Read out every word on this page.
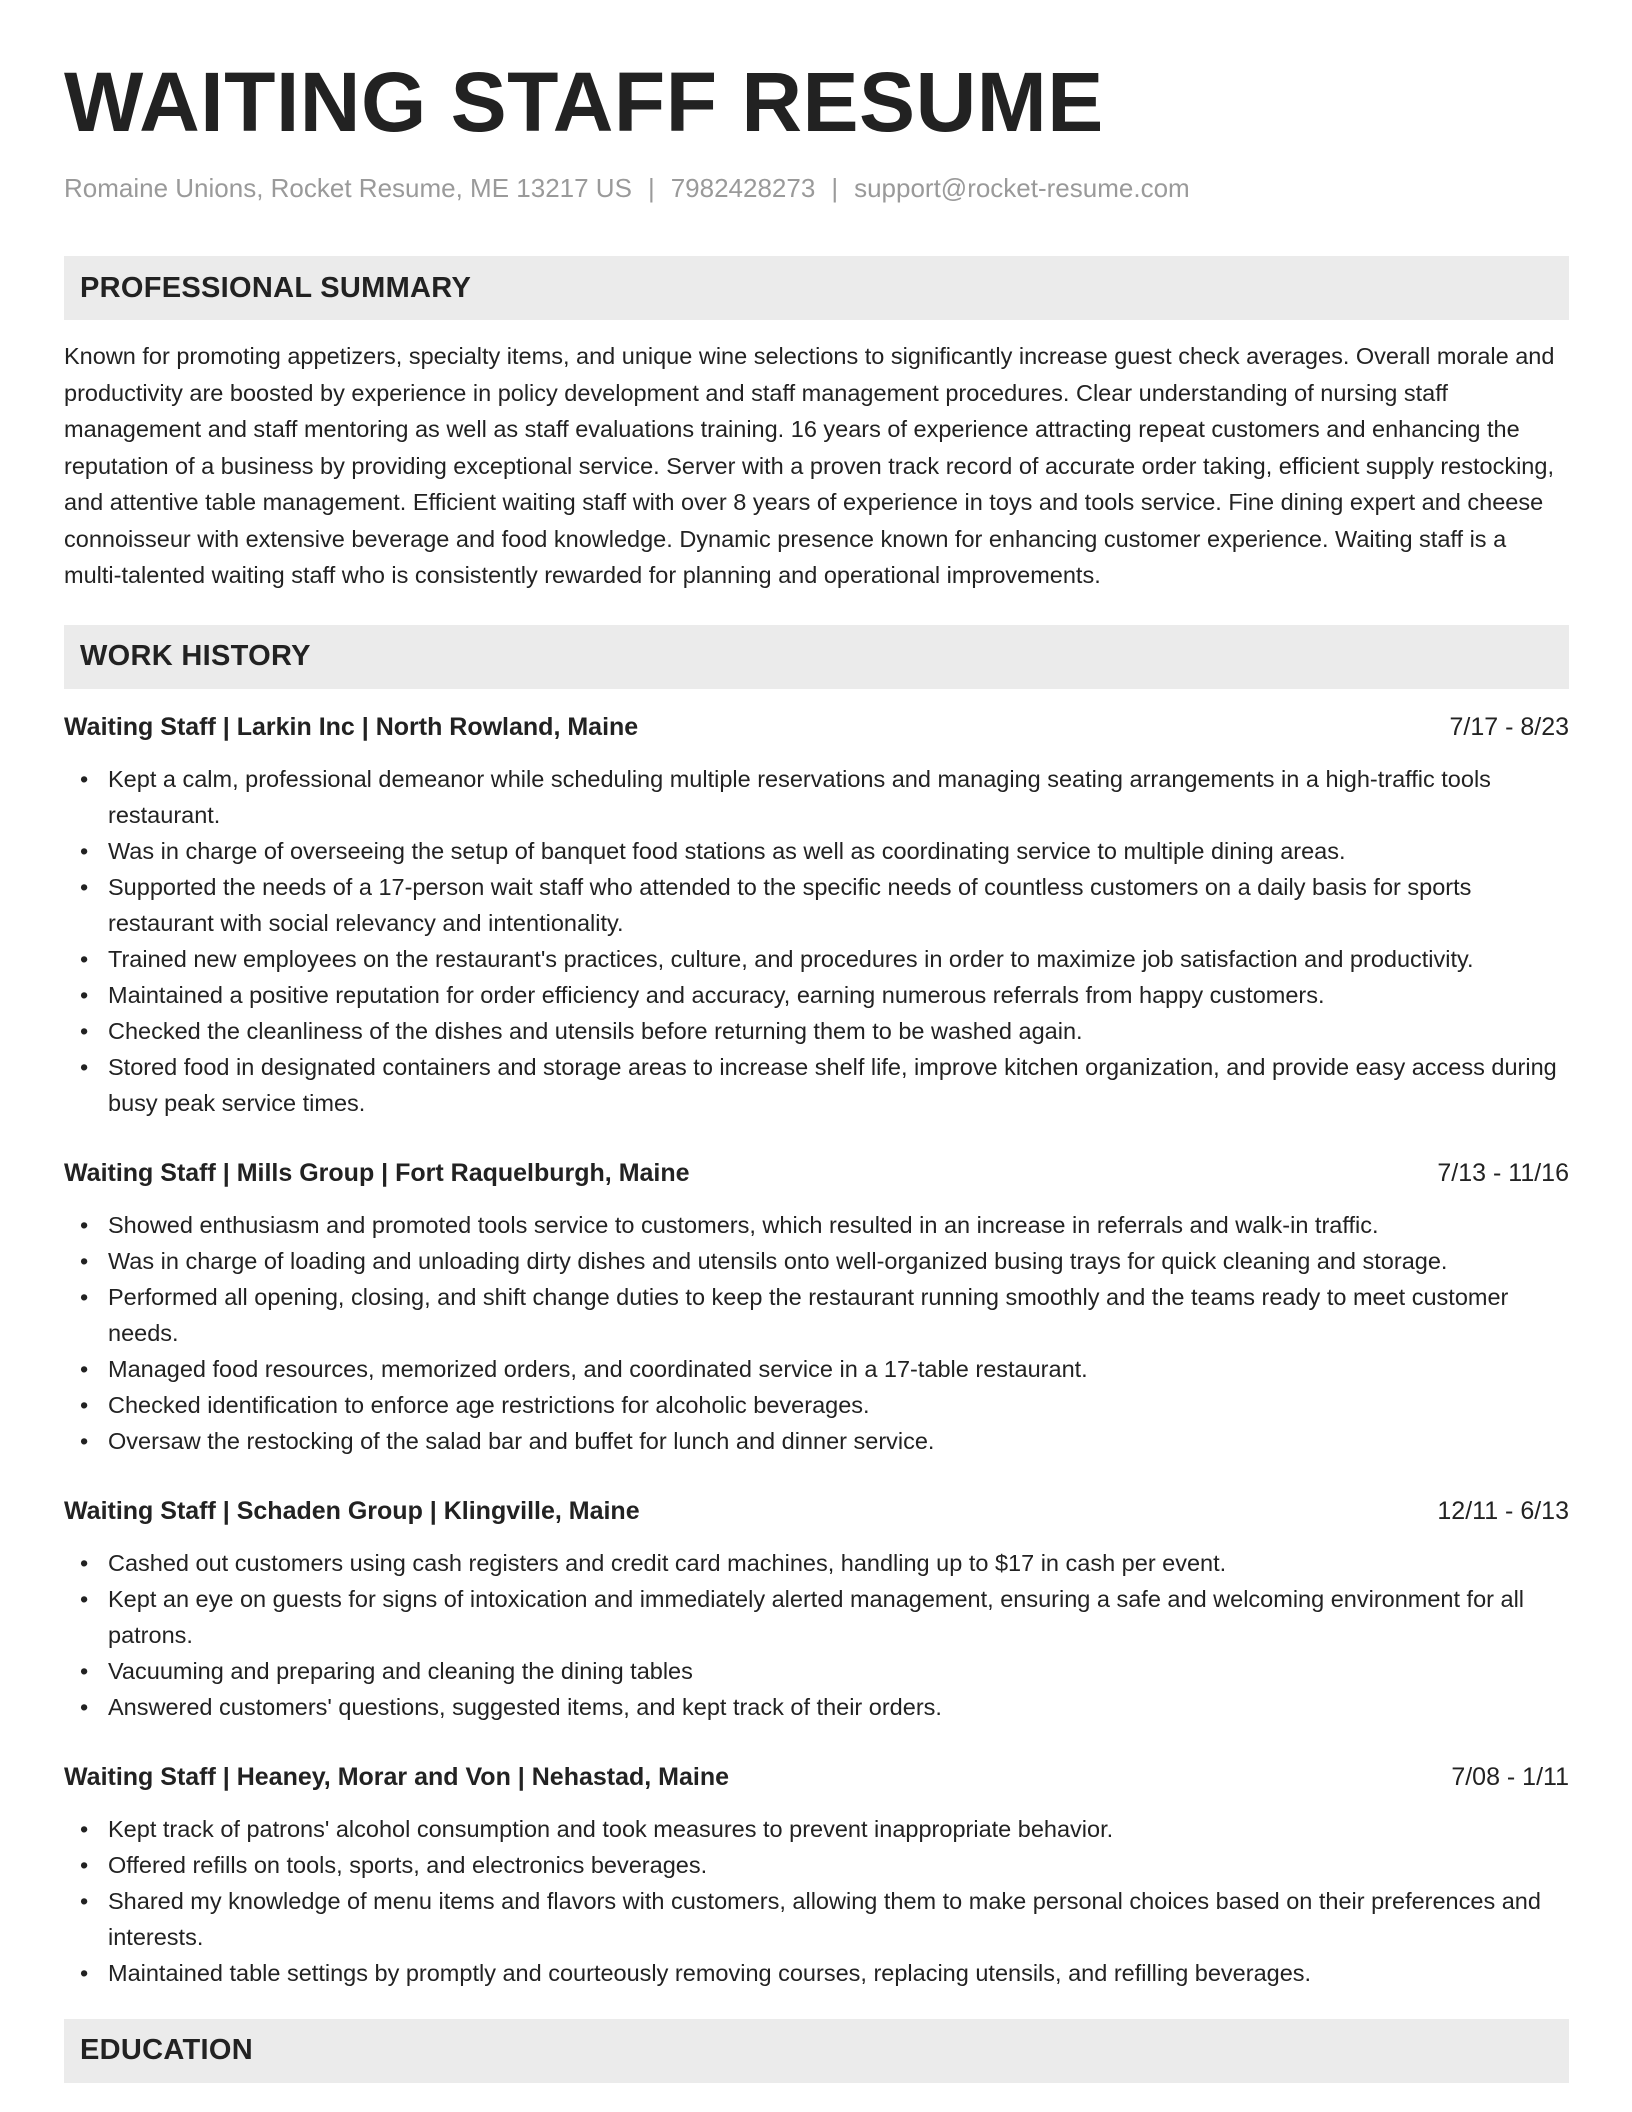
WAITING STAFF RESUME
Romaine Unions, Rocket Resume, ME 13217 US | 7982428273 | support@rocket-resume.com
PROFESSIONAL SUMMARY

Known for promoting appetizers, specialty items, and unique wine selections to significantly increase guest check averages. Overall morale and productivity are boosted by experience in policy development and staff management procedures. Clear understanding of nursing staff management and staff mentoring as well as staff evaluations training. 16 years of experience attracting repeat customers and enhancing the reputation of a business by providing exceptional service. Server with a proven track record of accurate order taking, efficient supply restocking, and attentive table management. Efficient waiting staff with over 8 years of experience in toys and tools service. Fine dining expert and cheese connoisseur with extensive beverage and food knowledge. Dynamic presence known for enhancing customer experience. Waiting staff is a multi-talented waiting staff who is consistently rewarded for planning and operational improvements.

WORK HISTORY
Waiting Staff | Larkin Inc | North Rowland, Maine	7/17 - 8/23
• Kept a calm, professional demeanor while scheduling multiple reservations and managing seating arrangements in a high-traffic tools restaurant.
• Was in charge of overseeing the setup of banquet food stations as well as coordinating service to multiple dining areas.
• Supported the needs of a 17-person wait staff who attended to the specific needs of countless customers on a daily basis for sports restaurant with social relevancy and intentionality.
• Trained new employees on the restaurant's practices, culture, and procedures in order to maximize job satisfaction and productivity.
• Maintained a positive reputation for order efficiency and accuracy, earning numerous referrals from happy customers.
• Checked the cleanliness of the dishes and utensils before returning them to be washed again.
• Stored food in designated containers and storage areas to increase shelf life, improve kitchen organization, and provide easy access during busy peak service times.
Waiting Staff | Mills Group | Fort Raquelburgh, Maine	7/13 - 11/16
• Showed enthusiasm and promoted tools service to customers, which resulted in an increase in referrals and walk-in traffic.
• Was in charge of loading and unloading dirty dishes and utensils onto well-organized busing trays for quick cleaning and storage.
• Performed all opening, closing, and shift change duties to keep the restaurant running smoothly and the teams ready to meet customer needs.
• Managed food resources, memorized orders, and coordinated service in a 17-table restaurant.
• Checked identification to enforce age restrictions for alcoholic beverages.
• Oversaw the restocking of the salad bar and buffet for lunch and dinner service.
Waiting Staff | Schaden Group | Klingville, Maine	12/11 - 6/13
• Cashed out customers using cash registers and credit card machines, handling up to $17 in cash per event.
• Kept an eye on guests for signs of intoxication and immediately alerted management, ensuring a safe and welcoming environment for all patrons.
• Vacuuming and preparing and cleaning the dining tables
• Answered customers' questions, suggested items, and kept track of their orders.
Waiting Staff | Heaney, Morar and Von | Nehastad, Maine	7/08 - 1/11
• Kept track of patrons' alcohol consumption and took measures to prevent inappropriate behavior.
• Offered refills on tools, sports, and electronics beverages.
• Shared my knowledge of menu items and flavors with customers, allowing them to make personal choices based on their preferences and interests.
• Maintained table settings by promptly and courteously removing courses, replacing utensils, and refilling beverages.
EDUCATION
